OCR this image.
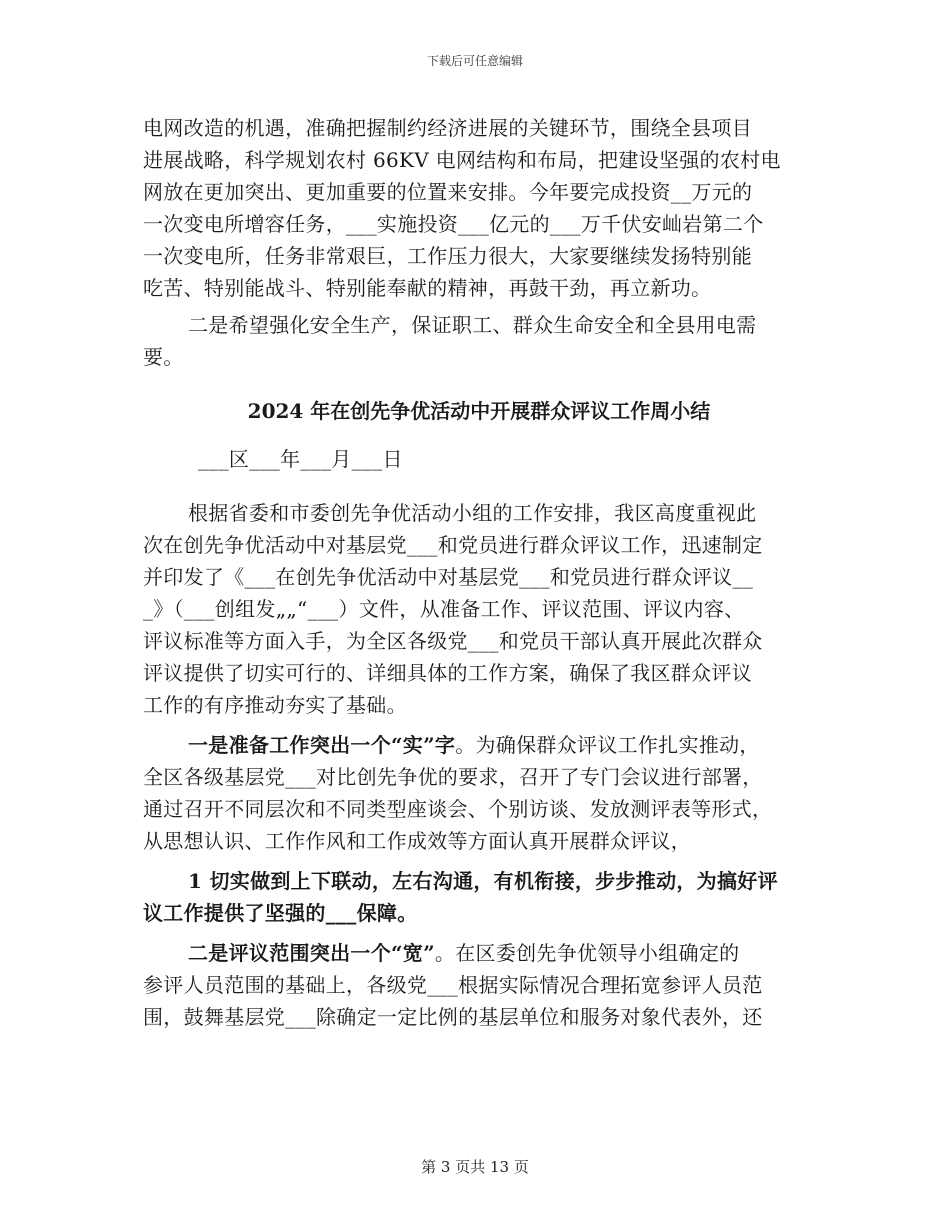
下载后可任意编辑
电网改造的机遇，准确把握制约经济进展的关键环节，围绕全县项目
进展战略，科学规划农村 66KV 电网结构和布局，把建设坚强的农村电
网放在更加突出、更加重要的位置来安排。今年要完成投资__万元的
一次变电所增容任务，___实施投资___亿元的___万千伏安屾岩第二个
一次变电所，任务非常艰巨，工作压力很大，大家要继续发扬特别能
吃苦、特别能战斗、特别能奉献的精神，再鼓干劲，再立新功。
二是希望强化安全生产，保证职工、群众生命安全和全县用电需
要。
2024 年在创先争优活动中开展群众评议工作周小结
___区___年___月___日
根据省委和市委创先争优活动小组的工作安排，我区高度重视此
次在创先争优活动中对基层党___和党员进行群众评议工作，迅速制定
并印发了《___在创先争优活动中对基层党___和党员进行群众评议__
_》（___创组发„„“___）文件，从准备工作、评议范围、评议内容、
评议标准等方面入手，为全区各级党___和党员干部认真开展此次群众
评议提供了切实可行的、详细具体的工作方案，确保了我区群众评议
工作的有序推动夯实了基础。
一是准备工作突出一个“实”字。为确保群众评议工作扎实推动，
全区各级基层党___对比创先争优的要求，召开了专门会议进行部署，
通过召开不同层次和不同类型座谈会、个别访谈、发放测评表等形式，
从思想认识、工作作风和工作成效等方面认真开展群众评议，
1 切实做到上下联动，左右沟通，有机衔接，步步推动，为搞好评
议工作提供了坚强的___保障。
二是评议范围突出一个“宽”。在区委创先争优领导小组确定的
参评人员范围的基础上，各级党___根据实际情况合理拓宽参评人员范
围，鼓舞基层党___除确定一定比例的基层单位和服务对象代表外，还
第 3 页共 13 页
